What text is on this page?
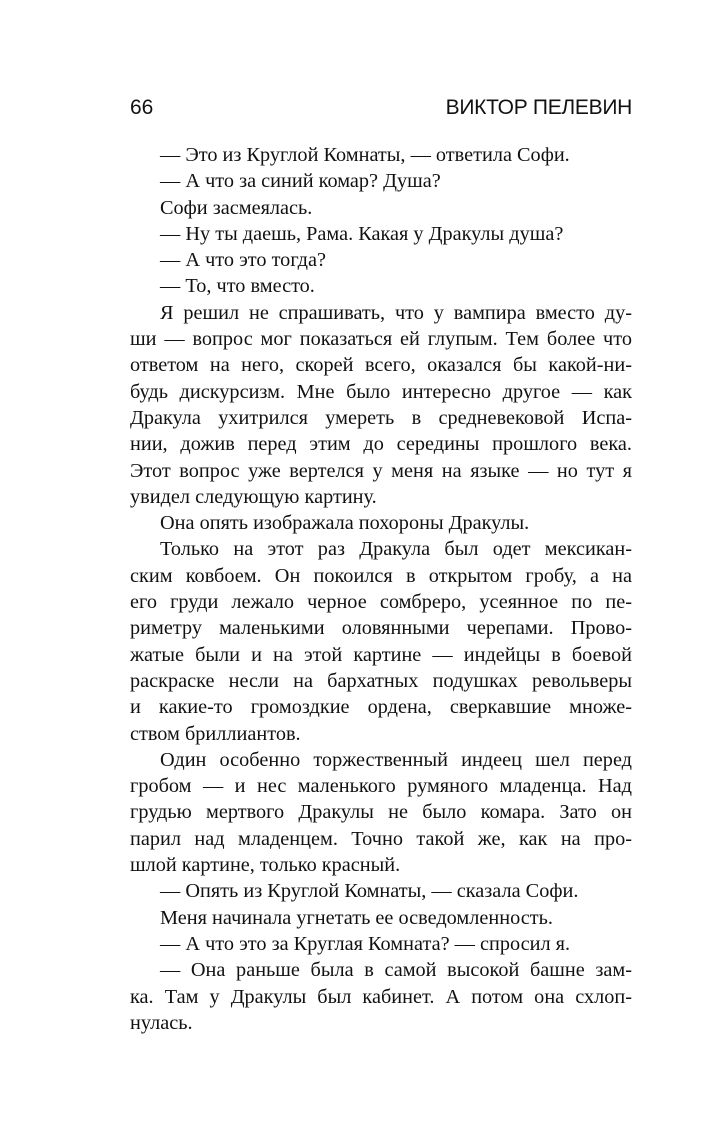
66	ВИКТОР ПЕЛЕВИН
— Это из Круглой Комнаты, — ответила Софи.
— А что за синий комар? Душа?
Софи засмеялась.
— Ну ты даешь, Рама. Какая у Дракулы душа?
— А что это тогда?
— То, что вместо.
Я решил не спрашивать, что у вампира вместо ду-
ши — вопрос мог показаться ей глупым. Тем более что
ответом на него, скорей всего, оказался бы какой-ни-
будь дискурсизм. Мне было интересно другое — как
Дракула ухитрился умереть в средневековой Испа-
нии, дожив перед этим до середины прошлого века.
Этот вопрос уже вертелся у меня на языке — но тут я
увидел следующую картину.
Она опять изображала похороны Дракулы.
Только на этот раз Дракула был одет мексикан-
ским ковбоем. Он покоился в открытом гробу, а на
его груди лежало черное сомбреро, усеянное по пе-
риметру маленькими оловянными черепами. Прово-
жатые были и на этой картине — индейцы в боевой
раскраске несли на бархатных подушках револьверы
и какие-то громоздкие ордена, сверкавшие множе-
ством бриллиантов.
Один особенно торжественный индеец шел перед
гробом — и нес маленького румяного младенца. Над
грудью мертвого Дракулы не было комара. Зато он
парил над младенцем. Точно такой же, как на про-
шлой картине, только красный.
— Опять из Круглой Комнаты, — сказала Софи.
Меня начинала угнетать ее осведомленность.
— А что это за Круглая Комната? — спросил я.
— Она раньше была в самой высокой башне зам-
ка. Там у Дракулы был кабинет. А потом она схлоп-
нулась.
